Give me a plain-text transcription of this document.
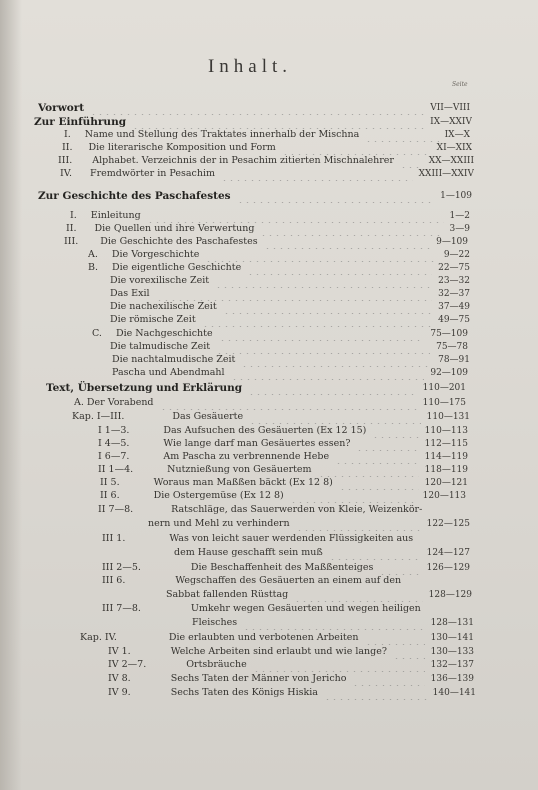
Inhalt.
Seite
Vorwort	VII—VIII
Zur Einführung	IX—XXIV
I. Name und Stellung des Traktates innerhalb der Mischna	IX—X
II. Die literarische Komposition und Form	XI—XIX
III. Alphabet. Verzeichnis der in Pesachim zitierten Mischnalehrer	XX—XXIII
IV. Fremdwörter in Pesachim	XXIII—XXIV
Zur Geschichte des Paschafestes	1—109
I. Einleitung	1—2
II. Die Quellen und ihre Verwertung	3—9
III. Die Geschichte des Paschafestes	9—109
A. Die Vorgeschichte	9—22
B. Die eigentliche Geschichte	22—75
Die vorexilische Zeit	23—32
Das Exil	32—37
Die nachexilische Zeit	37—49
Die römische Zeit	49—75
C. Die Nachgeschichte	75—109
Die talmudische Zeit	75—78
Die nachtalmudische Zeit	78—91
Pascha und Abendmahl	92—109
Text, Übersetzung und Erklärung	110—201
A. Der Vorabend	110—175
Kap. I—III.	Das Gesäuerte	110—131
I 1—3.	Das Aufsuchen des Gesäuerten (Ex 12 15)	110—113
I 4—5.	Wie lange darf man Gesäuertes essen?	112—115
I 6—7.	Am Pascha zu verbrennende Hebe	114—119
II 1—4.	Nutznießung von Gesäuertem	118—119
II 5.	Woraus man Maßßen bäckt (Ex 12 8)	120—121
II 6.	Die Ostergemüse (Ex 12 8)	120—113
II 7—8.	Ratschläge, das Sauerwerden von Kleie, Weizenkör-
nern und Mehl zu verhindern	122—125
III 1.	Was von leicht sauer werdenden Flüssigkeiten aus
dem Hause geschafft sein muß	124—127
III 2—5.	Die Beschaffenheit des Maßßenteiges	126—129
III 6.	Wegschaffen des Gesäuerten an einem auf den
Sabbat fallenden Rüsttag	128—129
III 7—8.	Umkehr wegen Gesäuerten und wegen heiligen
Fleisches	128—131
Kap. IV.	Die erlaubten und verbotenen Arbeiten	130—141
IV 1.	Welche Arbeiten sind erlaubt und wie lange?	130—133
IV 2—7.	Ortsbräuche	132—137
IV 8.	Sechs Taten der Männer von Jericho	136—139
IV 9.	Sechs Taten des Königs Hiskia	140—141
